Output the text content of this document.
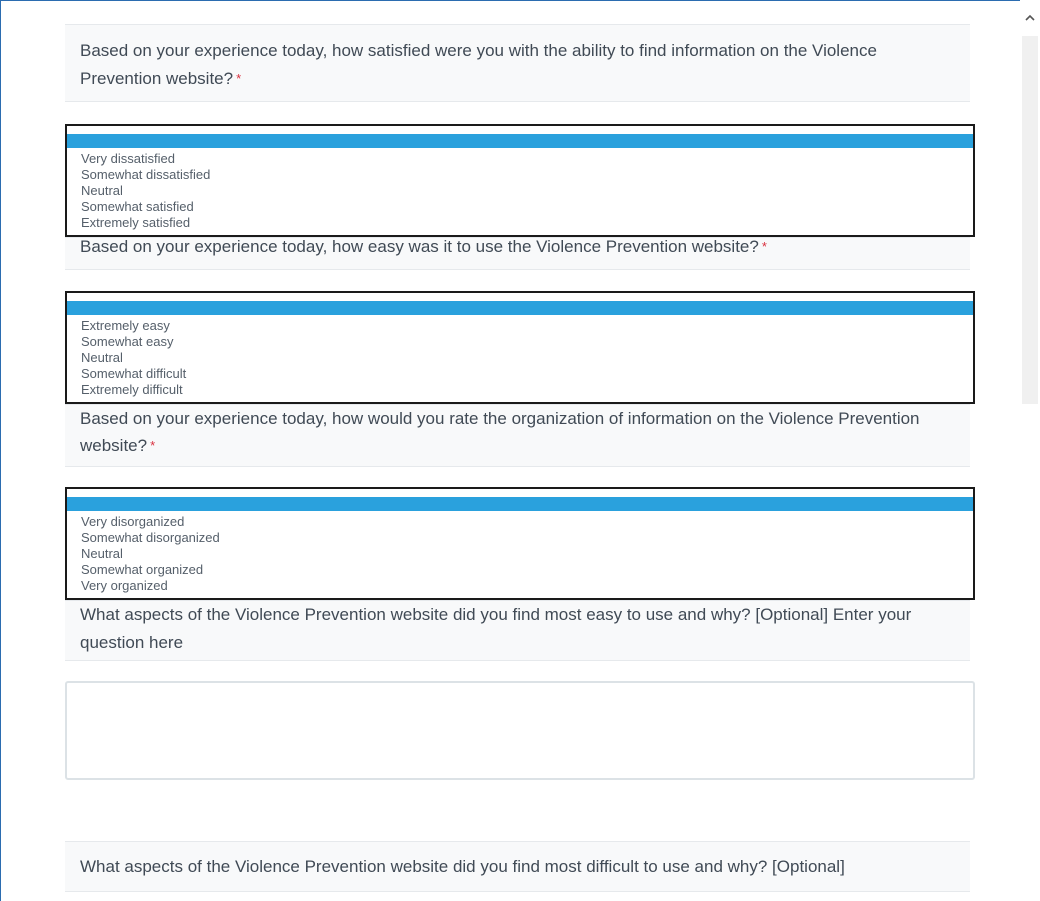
Based on your experience today, how satisfied were you with the ability to find information on the Violence Prevention website? *
Very dissatisfied
Somewhat dissatisfied
Neutral
Somewhat satisfied
Extremely satisfied
Based on your experience today, how easy was it to use the Violence Prevention website? *
Extremely easy
Somewhat easy
Neutral
Somewhat difficult
Extremely difficult
Based on your experience today, how would you rate the organization of information on the Violence Prevention website? *
Very disorganized
Somewhat disorganized
Neutral
Somewhat organized
Very organized
What aspects of the Violence Prevention website did you find most easy to use and why? [Optional] Enter your question here
What aspects of the Violence Prevention website did you find most difficult to use and why? [Optional]
